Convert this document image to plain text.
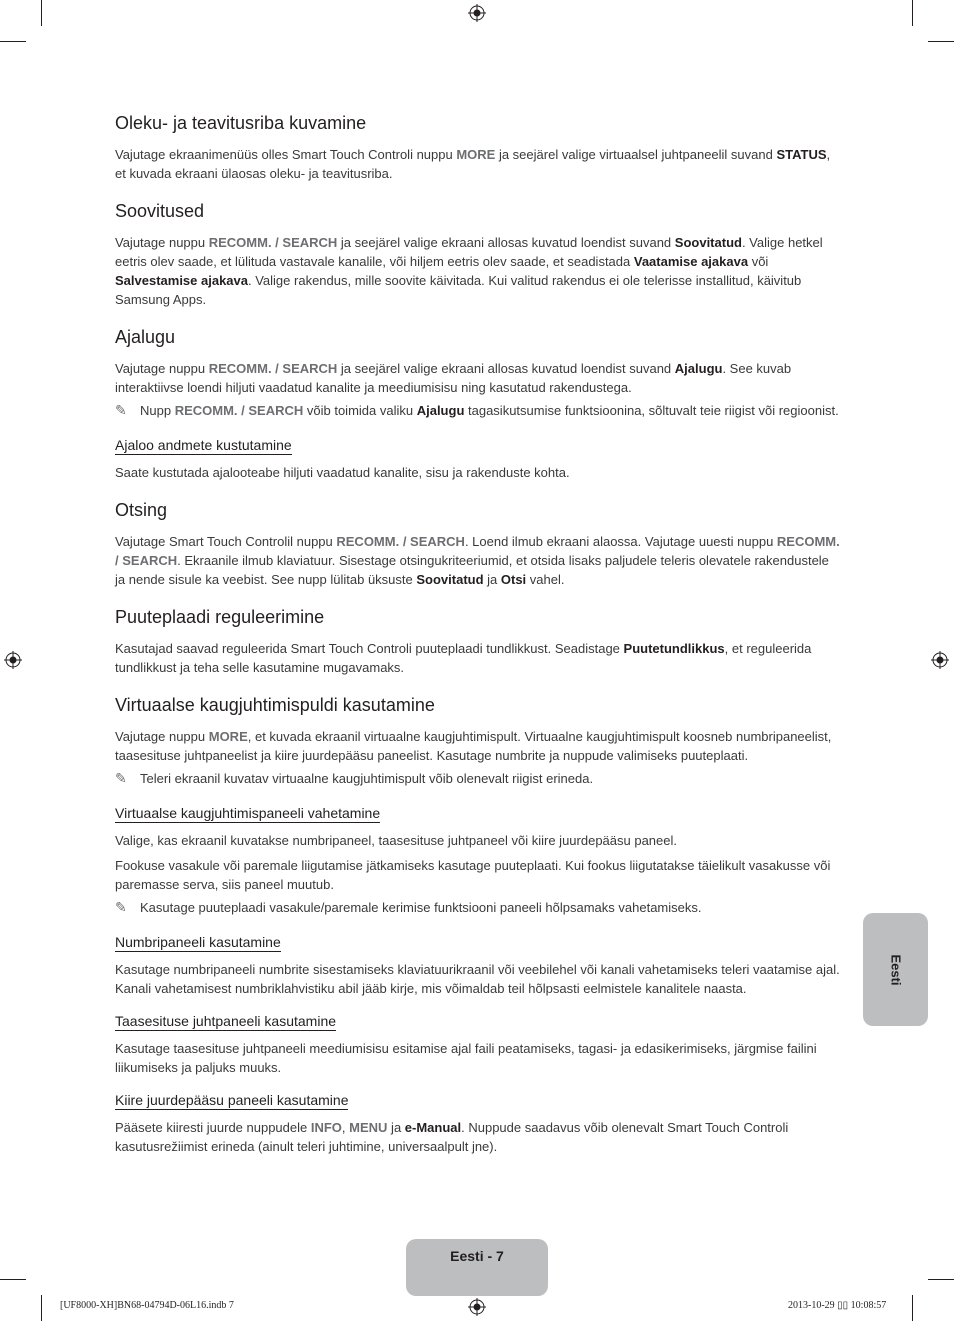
Oleku- ja teavitusriba kuvamine

Vajutage ekraanimenüüs olles Smart Touch Controli nuppu MORE ja seejärel valige virtuaalsel juhtpaneelil suvand STATUS, et kuvada ekraani ülaosas oleku- ja teavitusriba.

Soovitused

Vajutage nuppu RECOMM. / SEARCH ja seejärel valige ekraani allosas kuvatud loendist suvand Soovitatud. Valige hetkel eetris olev saade, et lülituda vastavale kanalile, või hiljem eetris olev saade, et seadistada Vaatamise ajakava või Salvestamise ajakava. Valige rakendus, mille soovite käivitada. Kui valitud rakendus ei ole telerisse installitud, käivitub Samsung Apps.

Ajalugu

Vajutage nuppu RECOMM. / SEARCH ja seejärel valige ekraani allosas kuvatud loendist suvand Ajalugu. See kuvab interaktiivse loendi hiljuti vaadatud kanalite ja meediumisisu ning kasutatud rakendustega.

✎ Nupp RECOMM. / SEARCH võib toimida valiku Ajalugu tagasikutsumise funktsioonina, sõltuvalt teie riigist või regioonist.
Ajaloo andmete kustutamine

Saate kustutada ajalooteabe hiljuti vaadatud kanalite, sisu ja rakenduste kohta.

Otsing

Vajutage Smart Touch Controlil nuppu RECOMM. / SEARCH. Loend ilmub ekraani alaossa. Vajutage uuesti nuppu RECOMM. / SEARCH. Ekraanile ilmub klaviatuur. Sisestage otsingukriteeriumid, et otsida lisaks paljudele teleris olevatele rakendustele ja nende sisule ka veebist. See nupp lülitab üksuste Soovitatud ja Otsi vahel.

Puuteplaadi reguleerimine

Kasutajad saavad reguleerida Smart Touch Controli puuteplaadi tundlikkust. Seadistage Puutetundlikkus, et reguleerida tundlikkust ja teha selle kasutamine mugavamaks.

Virtuaalse kaugjuhtimispuldi kasutamine

Vajutage nuppu MORE, et kuvada ekraanil virtuaalne kaugjuhtimispult. Virtuaalne kaugjuhtimispult koosneb numbripaneelist, taasesituse juhtpaneelist ja kiire juurdepääsu paneelist. Kasutage numbrite ja nuppude valimiseks puuteplaati.

✎ Teleri ekraanil kuvatav virtuaalne kaugjuhtimispult võib olenevalt riigist erineda.
Virtuaalse kaugjuhtimispaneeli vahetamine

Valige, kas ekraanil kuvatakse numbripaneel, taasesituse juhtpaneel või kiire juurdepääsu paneel.

Fookuse vasakule või paremale liigutamise jätkamiseks kasutage puuteplaati. Kui fookus liigutatakse täielikult vasakusse või paremasse serva, siis paneel muutub.

✎ Kasutage puuteplaadi vasakule/paremale kerimise funktsiooni paneeli hõlpsamaks vahetamiseks.
Numbripaneeli kasutamine

Kasutage numbripaneeli numbrite sisestamiseks klaviatuurikraanil või veebilehel või kanali vahetamiseks teleri vaatamise ajal. Kanali vahetamisest numbriklahvistiku abil jääb kirje, mis võimaldab teil hõlpsasti eelmistele kanalitele naasta.

Taasesituse juhtpaneeli kasutamine

Kasutage taasesituse juhtpaneeli meediumisisu esitamise ajal faili peatamiseks, tagasi- ja edasikerimiseks, järgmise failini liikumiseks ja paljuks muuks.

Kiire juurdepääsu paneeli kasutamine

Pääsete kiiresti juurde nuppudele INFO, MENU ja e-Manual. Nuppude saadavus võib olenevalt Smart Touch Controli kasutusrežiimist erineda (ainult teleri juhtimine, universaalpult jne).

Eesti
Eesti - 7
[UF8000-XH]BN68-04794D-06L16.indb 7	2013-10-29 ▯▯ 10:08:57
